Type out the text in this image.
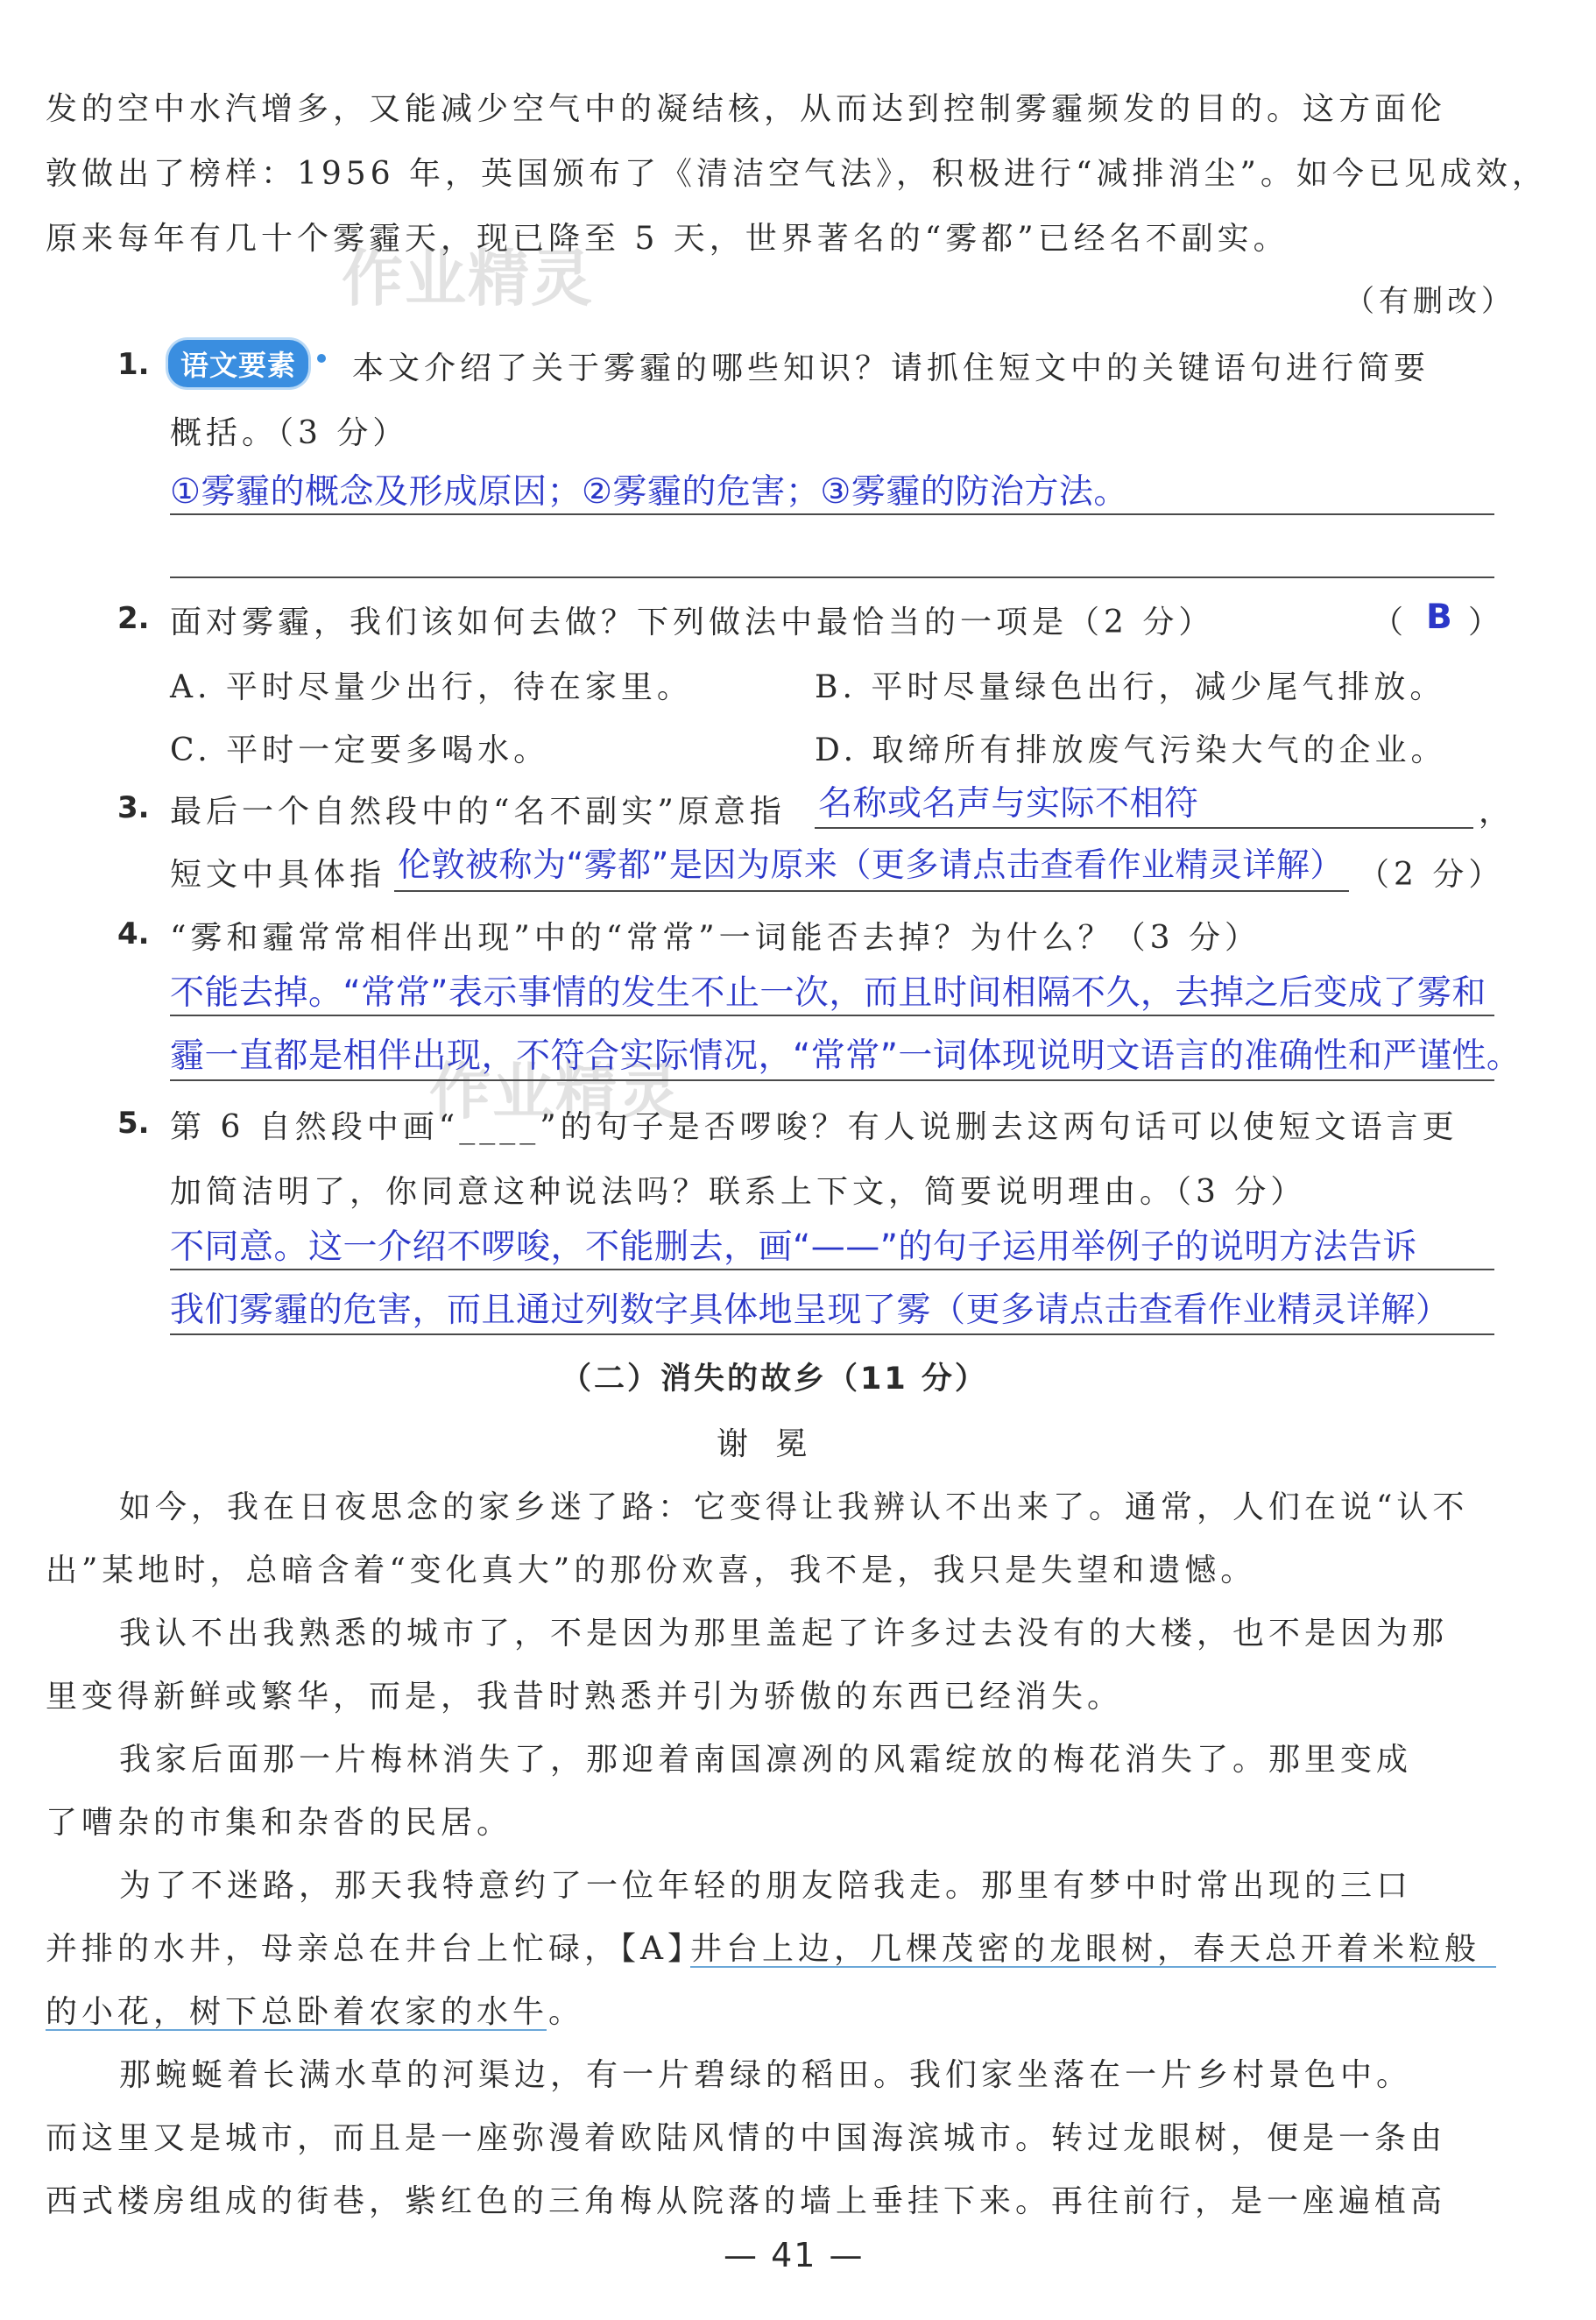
发的空中水汽增多，又能减少空气中的凝结核，从而达到控制雾霾频发的目的。这方面伦
敦做出了榜样：1956 年，英国颁布了《清洁空气法》，积极进行“减排消尘”。如今已见成效，
原来每年有几十个雾霾天，现已降至 5 天，世界著名的“雾都”已经名不副实。
（有删改）
作业精灵
作业精灵
1.	语文要素	本文介绍了关于雾霾的哪些知识？请抓住短文中的关键语句进行简要
概括。（3 分）
①雾霾的概念及形成原因；②雾霾的危害；③雾霾的防治方法。
2. 面对雾霾，我们该如何去做？下列做法中最恰当的一项是（2 分）	（ B ）
A. 平时尽量少出行，待在家里。	B. 平时尽量绿色出行，减少尾气排放。
C. 平时一定要多喝水。	D. 取缔所有排放废气污染大气的企业。
3. 最后一个自然段中的“名不副实”原意指 名称或名声与实际不相符	，
短文中具体指 伦敦被称为“雾都”是因为原来（更多请点击查看作业精灵详解） （2 分）
4. “雾和霾常常相伴出现”中的“常常”一词能否去掉？为什么？（3 分）
不能去掉。“常常”表示事情的发生不止一次，而且时间相隔不久，去掉之后变成了雾和
霾一直都是相伴出现，不符合实际情况，“常常”一词体现说明文语言的准确性和严谨性。
5. 第 6 自然段中画“____”的句子是否啰唆？有人说删去这两句话可以使短文语言更
加简洁明了，你同意这种说法吗？联系上下文，简要说明理由。（3 分）
不同意。这一介绍不啰唆，不能删去，画“——”的句子运用举例子的说明方法告诉
我们雾霾的危害，而且通过列数字具体地呈现了雾（更多请点击查看作业精灵详解）
（二）消失的故乡（11 分）
谢 冕
如今，我在日夜思念的家乡迷了路：它变得让我辨认不出来了。通常，人们在说“认不
出”某地时，总暗含着“变化真大”的那份欢喜，我不是，我只是失望和遗憾。
我认不出我熟悉的城市了，不是因为那里盖起了许多过去没有的大楼，也不是因为那
里变得新鲜或繁华，而是，我昔时熟悉并引为骄傲的东西已经消失。
我家后面那一片梅林消失了，那迎着南国凛冽的风霜绽放的梅花消失了。那里变成
了嘈杂的市集和杂沓的民居。
为了不迷路，那天我特意约了一位年轻的朋友陪我走。那里有梦中时常出现的三口
并排的水井，母亲总在井台上忙碌，【A】
井台上边，几棵茂密的龙眼树，春天总开着米粒般
的小花，树下总卧着农家的水牛。
那蜿蜒着长满水草的河渠边，有一片碧绿的稻田。我们家坐落在一片乡村景色中。
而这里又是城市，而且是一座弥漫着欧陆风情的中国海滨城市。转过龙眼树，便是一条由
西式楼房组成的街巷，紫红色的三角梅从院落的墙上垂挂下来。再往前行，是一座遍植高
— 41 —
